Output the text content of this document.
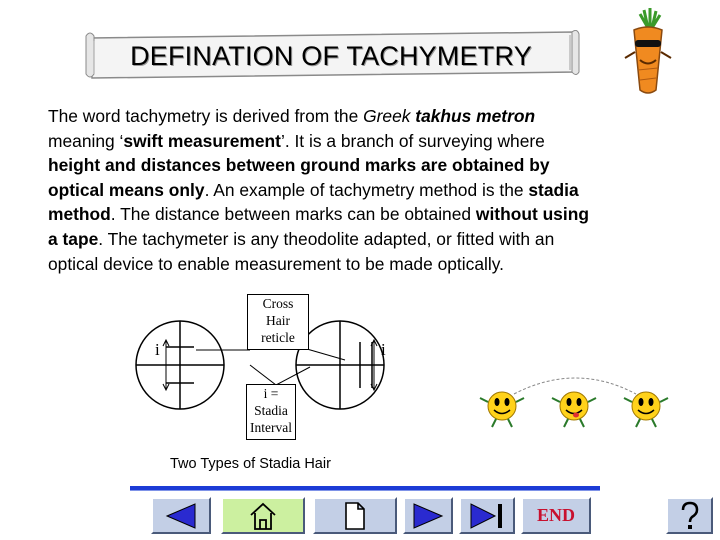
DEFINATION OF TACHYMETRY
The word tachymetry is derived from the Greek takhus metron
meaning ‘swift measurement’. It is a branch of surveying where
height and distances between ground marks are obtained by
optical means only. An example of tachymetry method is the stadia
method. The distance between marks can be obtained without using
a tape. The tachymeter is any theodolite adapted, or fitted with an
optical device to enable measurement to be made optically.
i	i
Cross
Hair
reticle
i =
Stadia
Interval
Two Types of Stadia Hair
END
